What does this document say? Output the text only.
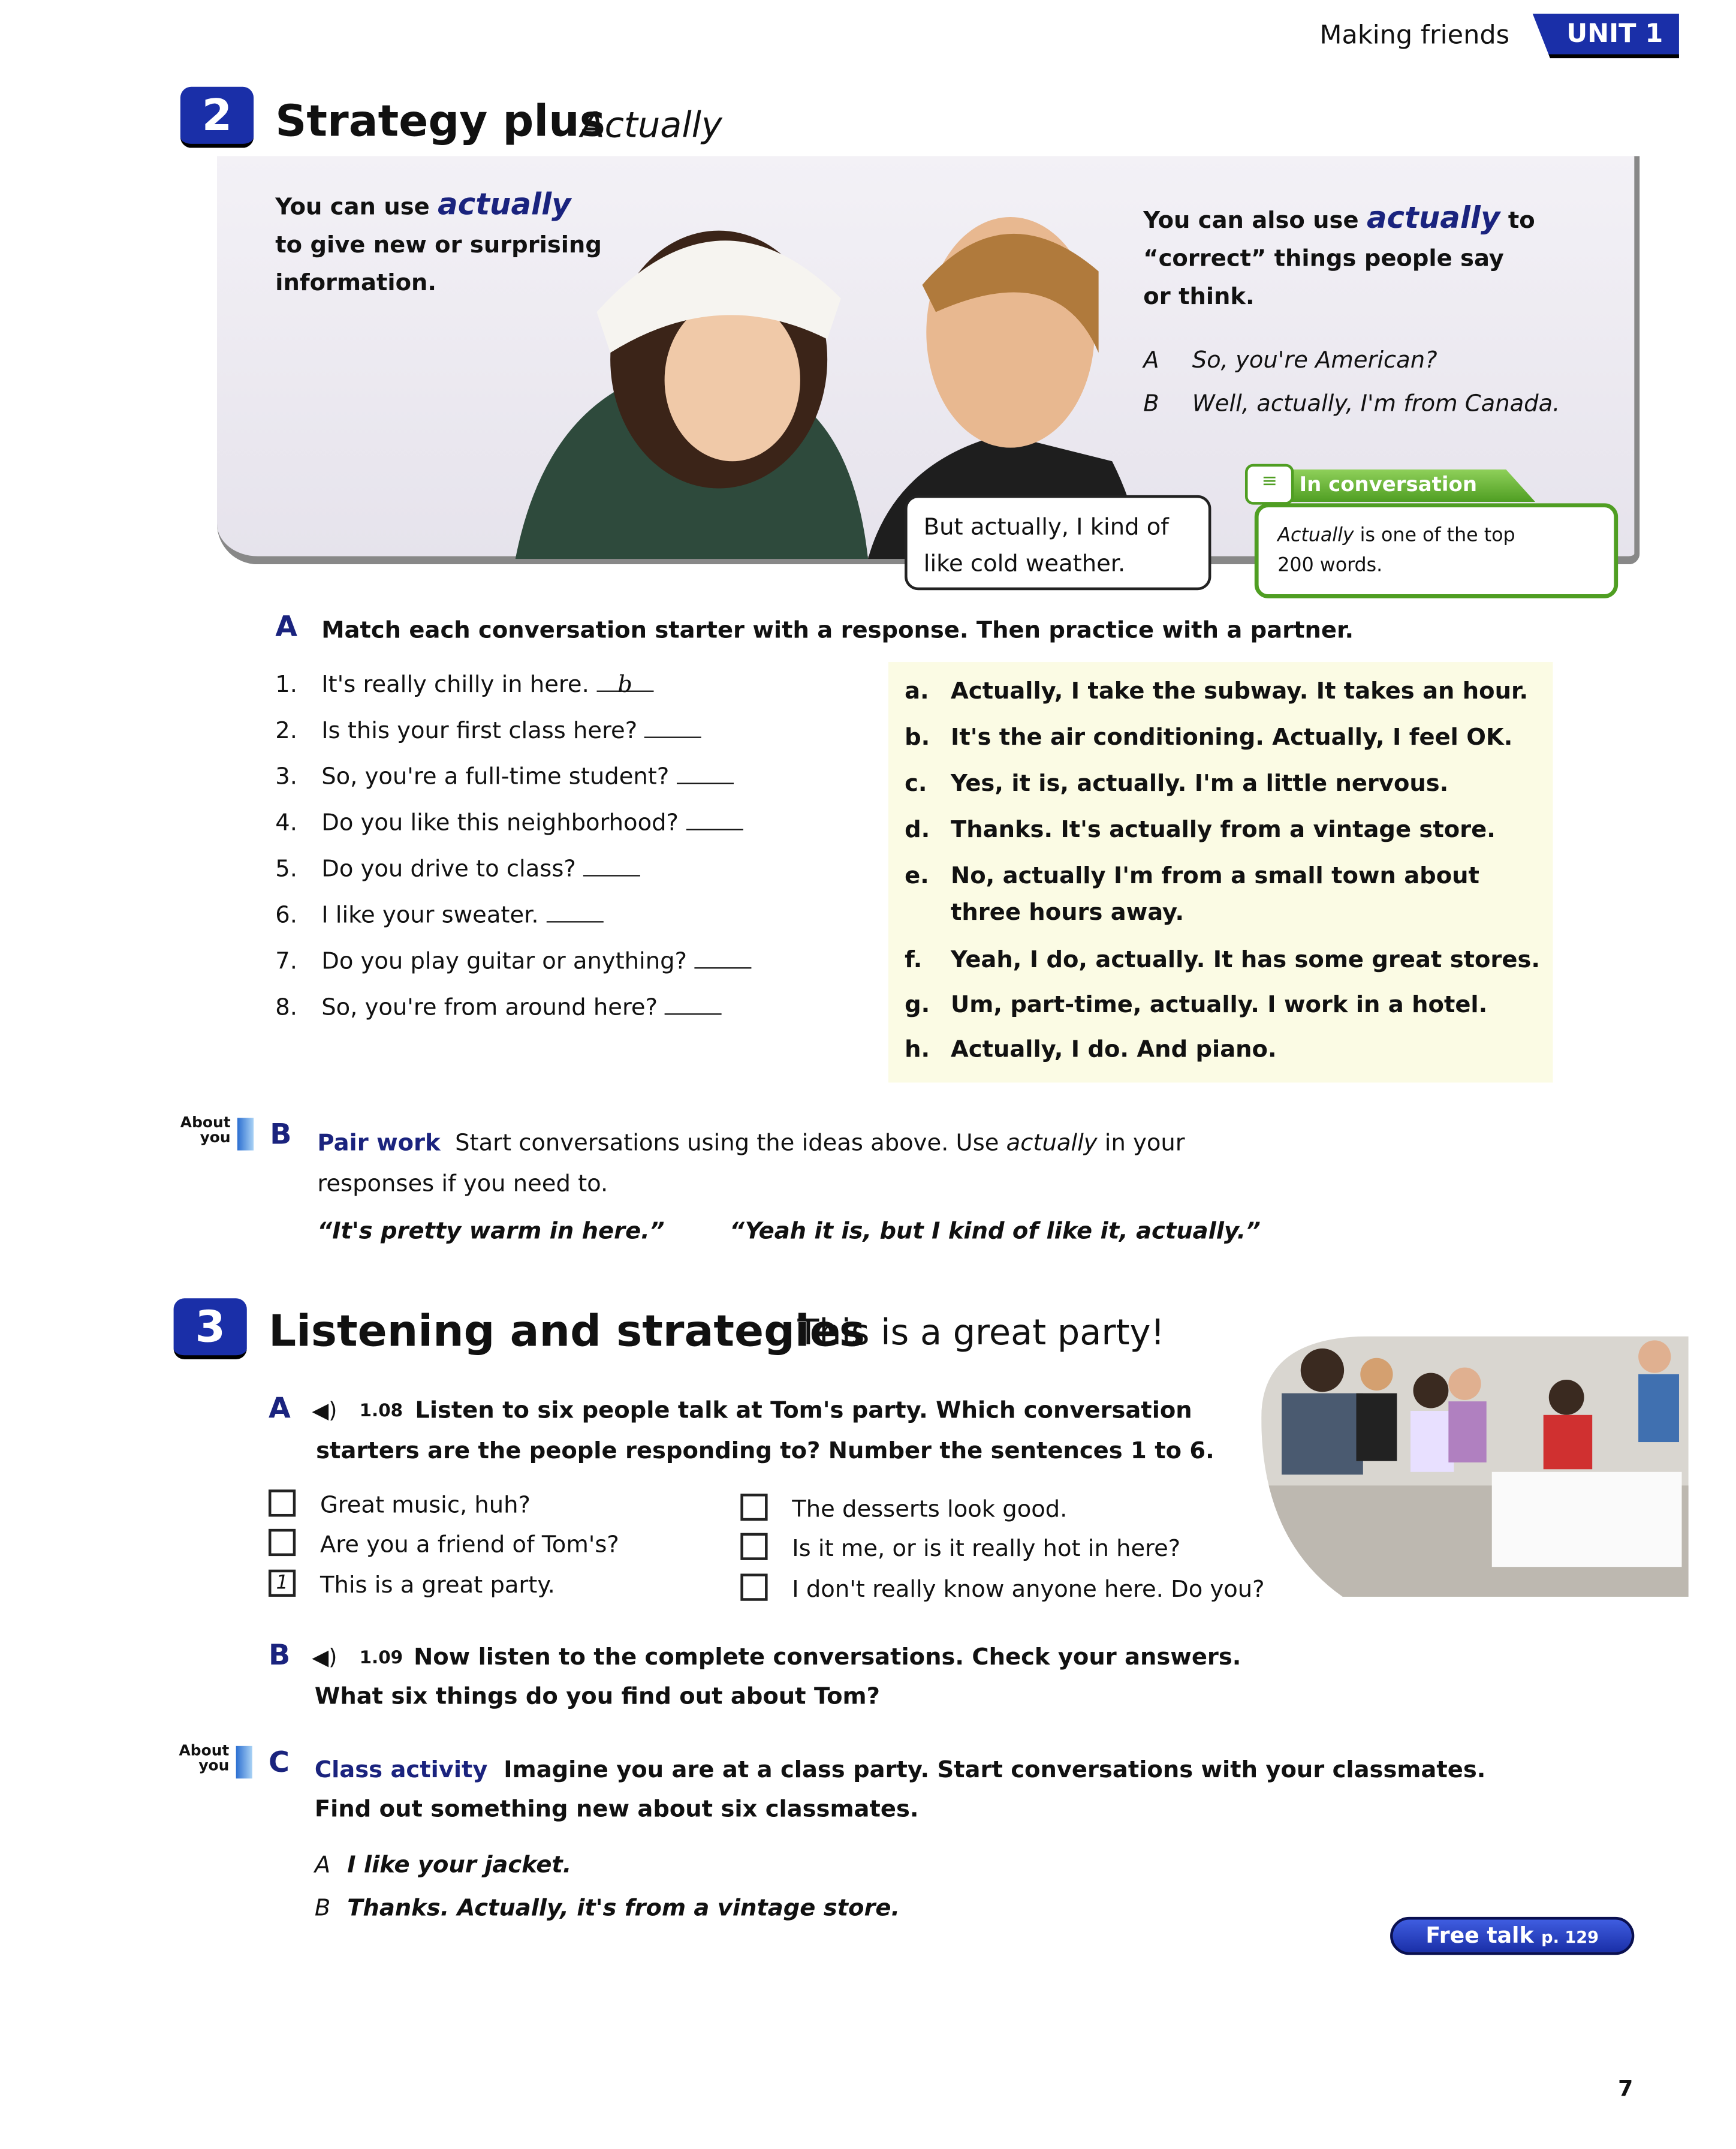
Making friends	UNIT 1
2	Strategy plus
Actually
You can use actually
to give new or surprising
information.
You can also use actually to
“correct” things people say
or think.
A	So, you're American?
B	Well, actually, I'm from Canada.
But actually, I kind of
like cold weather.
≡	In conversation
Actually is one of the top
200 words.
A Match each conversation starter with a response. Then practice with a partner.
1. It's really chilly in here.	b
2. Is this your first class here?
3. So, you're a full-time student?
4. Do you like this neighborhood?
5. Do you drive to class?
6. I like your sweater.
7. Do you play guitar or anything?
8. So, you're from around here?
a. Actually, I take the subway. It takes an hour.
b. It's the air conditioning. Actually, I feel OK.
c. Yes, it is, actually. I'm a little nervous.
d. Thanks. It's actually from a vintage store.
e. No, actually I'm from a small town about
three hours away.
f.	Yeah, I do, actually. It has some great stores.
g. Um, part-time, actually. I work in a hotel.
h. Actually, I do. And piano.
About
you	B	Pair work Start conversations using the ideas above. Use actually in your
responses if you need to.
“It's pretty warm in here.”	“Yeah it is, but I kind of like it, actually.”
3	Listening and strategies
This is a great party!
A ◀︎)	1.08 Listen to six people talk at Tom's party. Which conversation
starters are the people responding to? Number the sentences 1 to 6.
Great music, huh?
Are you a friend of Tom's?
1	This is a great party.
The desserts look good.
Is it me, or is it really hot in here?
I don't really know anyone here. Do you?
B ◀︎)	1.09 Now listen to the complete conversations. Check your answers.
What six things do you find out about Tom?
About
you	C Class activity Imagine you are at a class party. Start conversations with your classmates.
Find out something new about six classmates.
A I like your jacket.
B Thanks. Actually, it's from a vintage store.
Free talk p. 129
7
